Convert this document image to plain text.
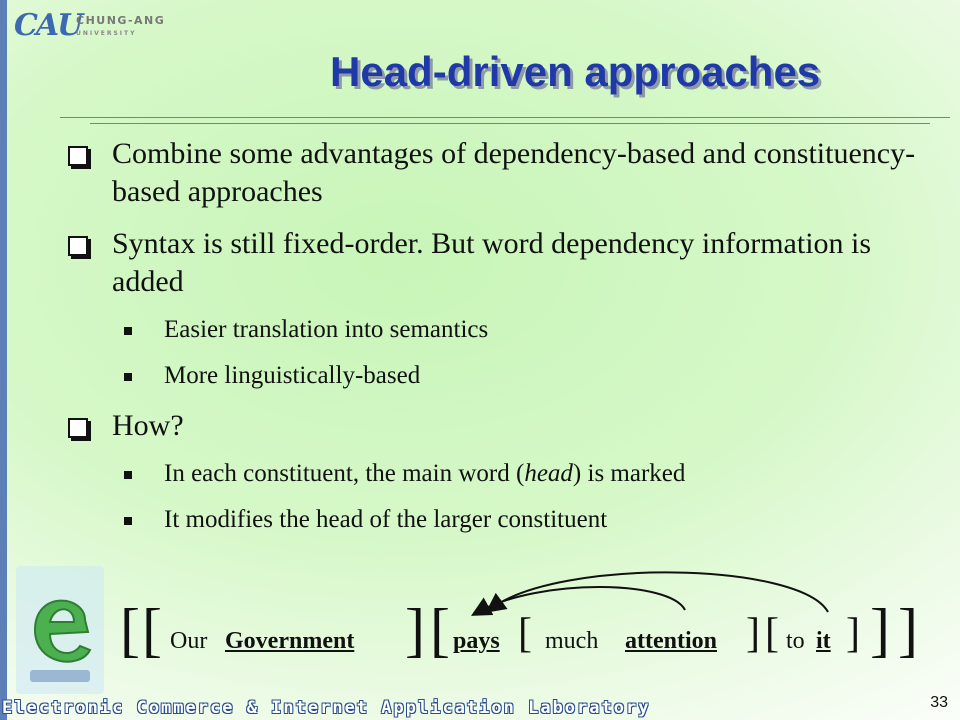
CAU
CHUNG-ANG
UNIVERSITY
Head-driven approaches
Combine some advantages of dependency-based and constituency-based approaches
Syntax is still fixed-order. But word dependency information is added
Easier translation into semantics
More linguistically-based
How?
In each constituent, the main word (head) is marked
It modifies the head of the larger constituent
[ [ Our Government ] [ pays [ much attention ] [ to it ] ] ]
Electronic Commerce & Internet Application Laboratory	33
